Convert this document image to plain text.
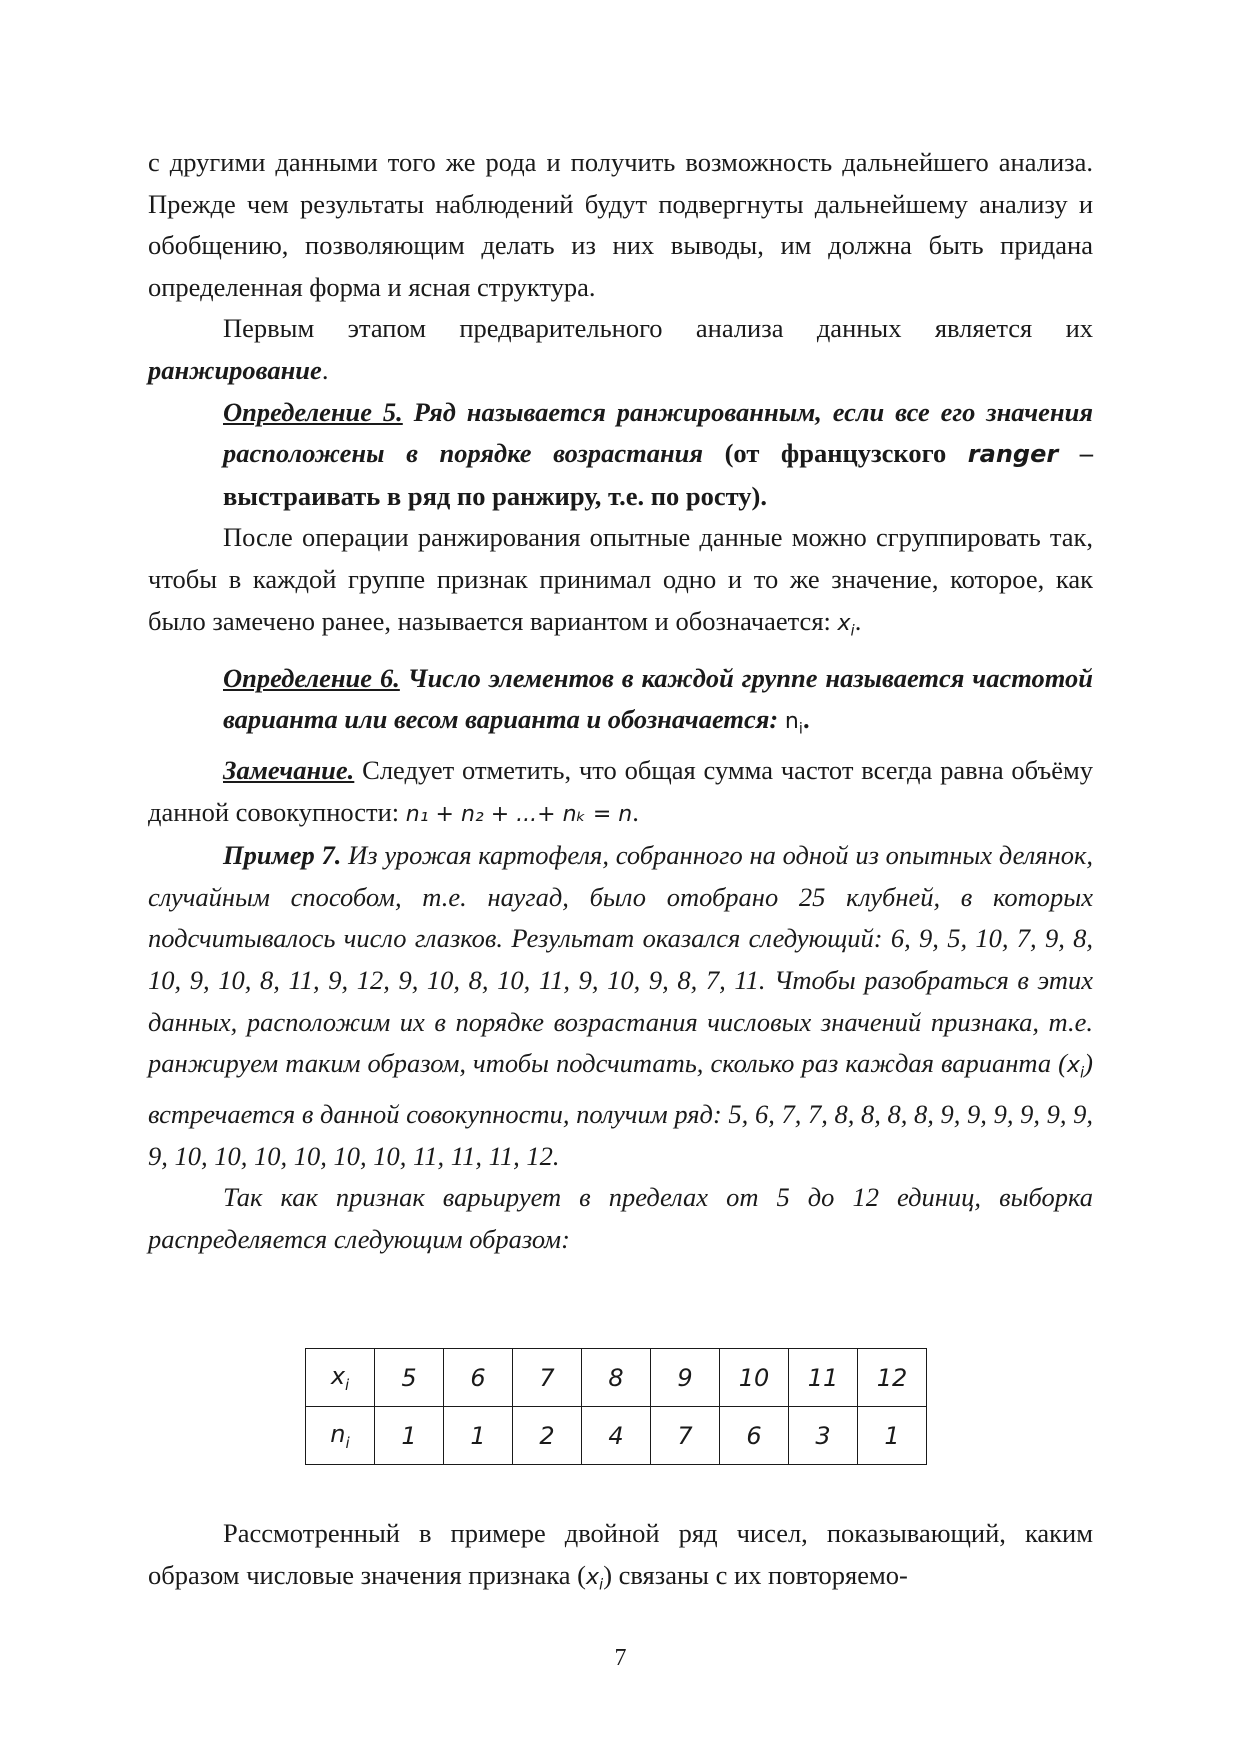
с другими данными того же рода и получить возможность дальнейшего анализа. Прежде чем результаты наблюдений будут подвергнуты дальнейшему анализу и обобщению, позволяющим делать из них выводы, им должна быть придана определенная форма и ясная структура.

Первым этапом предварительного анализа данных является их ранжирование.

Определение 5. Ряд называется ранжированным, если все его значения расположены в порядке возрастания (от французского ranger – выстраивать в ряд по ранжиру, т.е. по росту).

После операции ранжирования опытные данные можно сгруппировать так, чтобы в каждой группе признак принимал одно и то же значение, которое, как было замечено ранее, называется вариантом и обозначается: $x_i$.

Определение 6. Число элементов в каждой группе называется частотой варианта или весом варианта и обозначается: $n_i$.

Замечание. Следует отметить, что общая сумма частот всегда равна объёму данной совокупности: n₁ + n₂ + ...+ nₖ = n.

Пример 7. Из урожая картофеля, собранного на одной из опытных делянок, случайным способом, т.е. наугад, было отобрано 25 клубней, в которых подсчитывалось число глазков. Результат оказался следующий: 6, 9, 5, 10, 7, 9, 8, 10, 9, 10, 8, 11, 9, 12, 9, 10, 8, 10, 11, 9, 10, 9, 8, 7, 11. Чтобы разобраться в этих данных, расположим их в порядке возрастания числовых значений признака, т.е. ранжируем таким образом, чтобы подсчитать, сколько раз каждая варианта $(x_i)$ встречается в данной совокупности, получим ряд: 5, 6, 7, 7, 8, 8, 8, 8, 9, 9, 9, 9, 9, 9, 9, 10, 10, 10, 10, 10, 10, 11, 11, 11, 12.

Так как признак варьирует в пределах от 5 до 12 единиц, выборка распределяется следующим образом:

$x_i$	5	6	7	8	9	10	11	12
$n_i$	1	1	2	4	7	6	3	1

Рассмотренный в примере двойной ряд чисел, показывающий, каким образом числовые значения признака $(x_i)$ связаны с их повторяемо-

7
